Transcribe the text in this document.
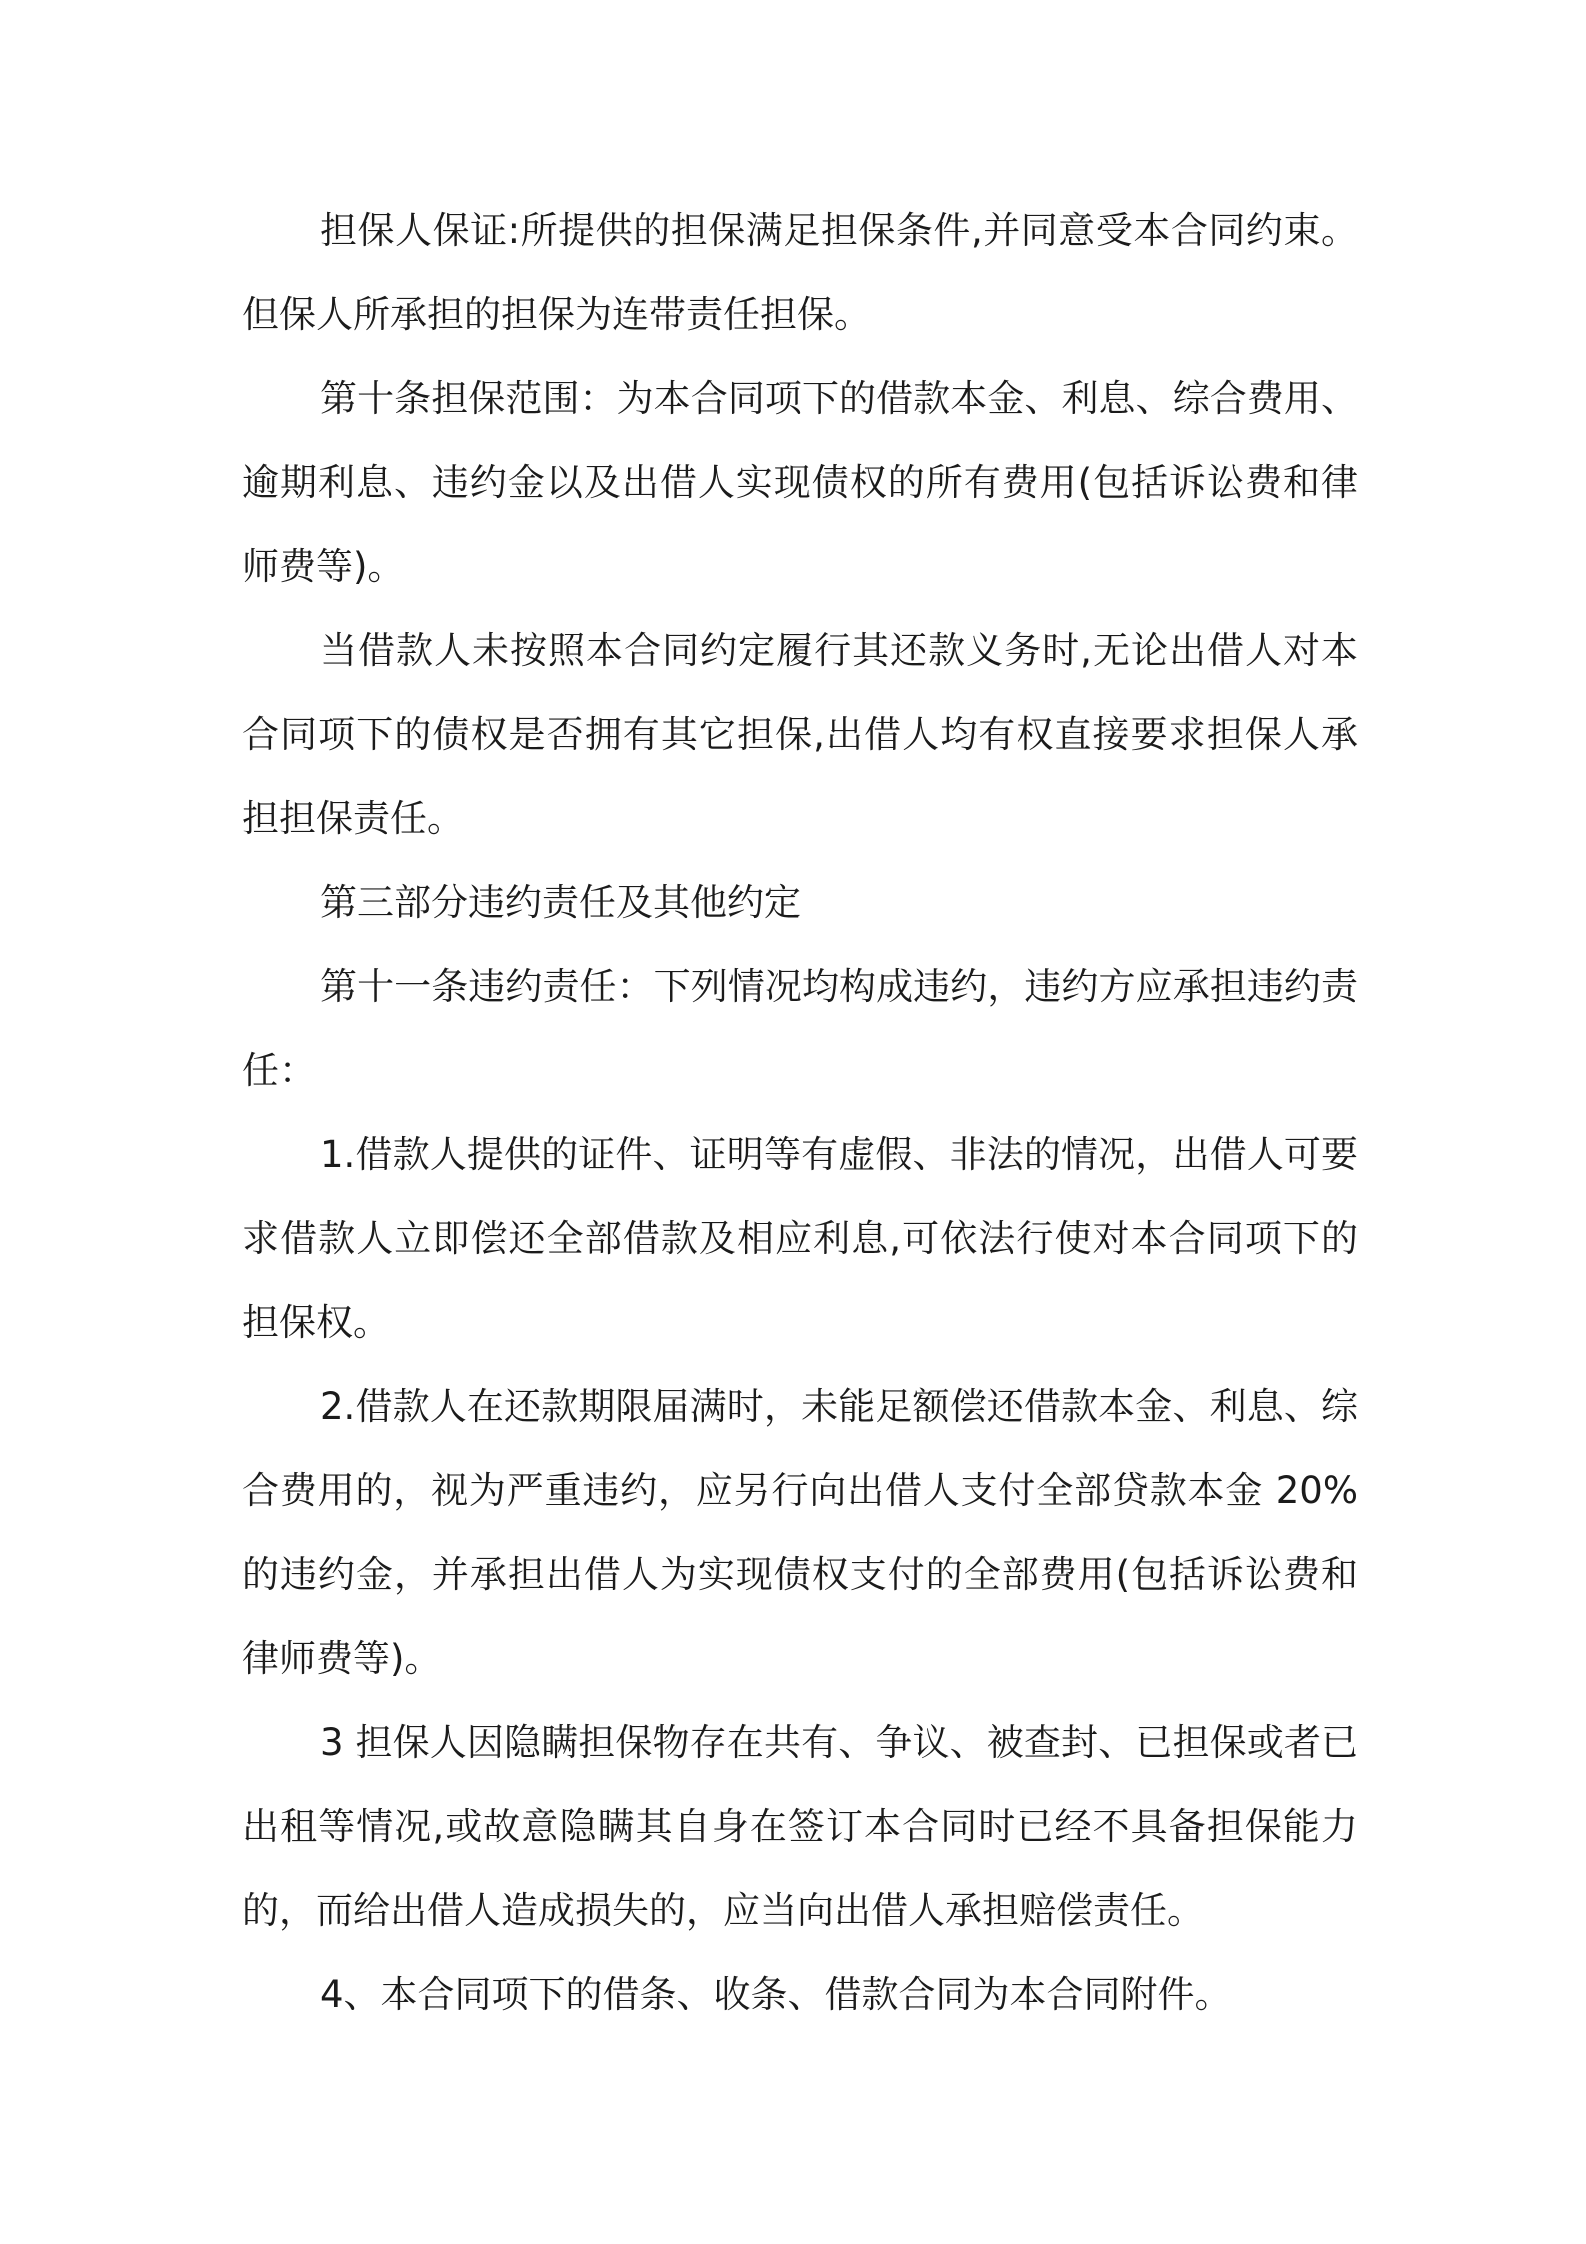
担保人保证:所提供的担保满足担保条件,并同意受本合同约束。
但保人所承担的担保为连带责任担保。
第十条担保范围：为本合同项下的借款本金、利息、综合费用、
逾期利息、违约金以及出借人实现债权的所有费用(包括诉讼费和律
师费等)。
当借款人未按照本合同约定履行其还款义务时,无论出借人对本
合同项下的债权是否拥有其它担保,出借人均有权直接要求担保人承
担担保责任。
第三部分违约责任及其他约定
第十一条违约责任：下列情况均构成违约，违约方应承担违约责
任：
1.借款人提供的证件、证明等有虚假、非法的情况，出借人可要
求借款人立即偿还全部借款及相应利息,可依法行使对本合同项下的
担保权。
2.借款人在还款期限届满时，未能足额偿还借款本金、利息、综
合费用的，视为严重违约，应另行向出借人支付全部贷款本金 20%
的违约金，并承担出借人为实现债权支付的全部费用(包括诉讼费和
律师费等)。
3 担保人因隐瞒担保物存在共有、争议、被查封、已担保或者已
出租等情况,或故意隐瞒其自身在签订本合同时已经不具备担保能力
的，而给出借人造成损失的，应当向出借人承担赔偿责任。
4、本合同项下的借条、收条、借款合同为本合同附件。
